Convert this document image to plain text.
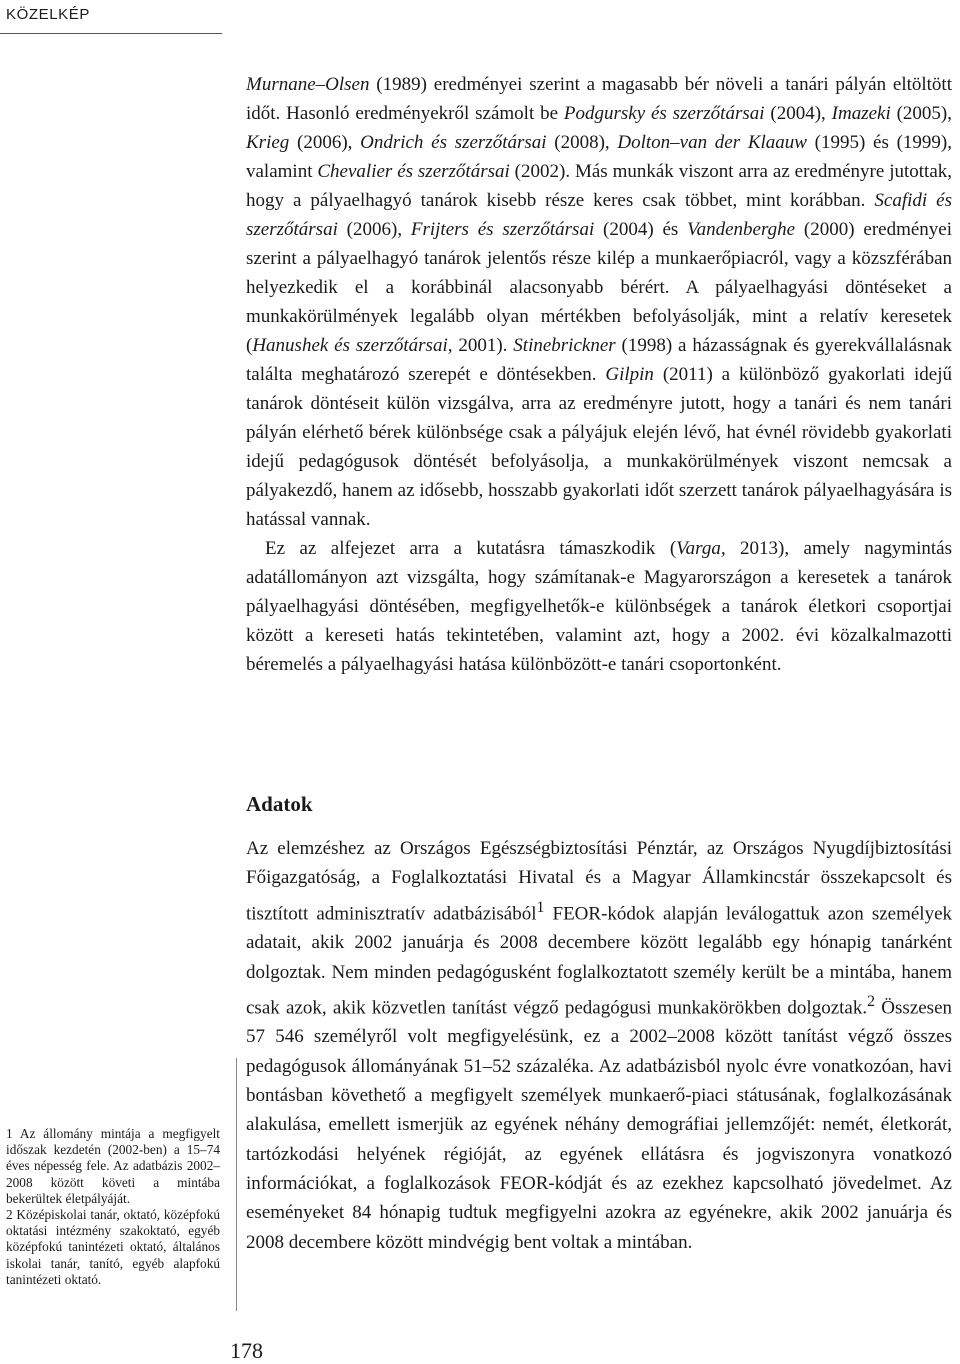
KÖZELKÉP

Murnane–Olsen (1989) eredményei szerint a magasabb bér növeli a tanári pályán eltöltött időt. Hasonló eredményekről számolt be Podgursky és szerzőtársai (2004), Imazeki (2005), Krieg (2006), Ondrich és szerzőtársai (2008), Dolton–van der Klaauw (1995) és (1999), valamint Chevalier és szerzőtársai (2002). Más munkák viszont arra az eredményre jutottak, hogy a pályaelhagyó tanárok kisebb része keres csak többet, mint korábban. Scafidi és szerzőtársai (2006), Frijters és szerzőtársai (2004) és Vandenberghe (2000) eredményei szerint a pályaelhagyó tanárok jelentős része kilép a munkaerőpiacról, vagy a közszférában helyezkedik el a korábbinál alacsonyabb bérért. A pályaelhagyási döntéseket a munkakörülmények legalább olyan mértékben befolyásolják, mint a relatív keresetek (Hanushek és szerzőtársai, 2001). Stinebrickner (1998) a házasságnak és gyerekvállalásnak találta meghatározó szerepét e döntésekben. Gilpin (2011) a különböző gyakorlati idejű tanárok döntéseit külön vizsgálva, arra az eredményre jutott, hogy a tanári és nem tanári pályán elérhető bérek különbsége csak a pályájuk elején lévő, hat évnél rövidebb gyakorlati idejű pedagógusok döntését befolyásolja, a munkakörülmények viszont nemcsak a pályakezdő, hanem az idősebb, hosszabb gyakorlati időt szerzett tanárok pályaelhagyására is hatással vannak.

Ez az alfejezet arra a kutatásra támaszkodik (Varga, 2013), amely nagymintás adatállományon azt vizsgálta, hogy számítanak-e Magyarországon a keresetek a tanárok pályaelhagyási döntésében, megfigyelhetők-e különbségek a tanárok életkori csoportjai között a kereseti hatás tekintetében, valamint azt, hogy a 2002. évi közalkalmazotti béremelés a pályaelhagyási hatása különbözött-e tanári csoportonként.

Adatok

Az elemzéshez az Országos Egészségbiztosítási Pénztár, az Országos Nyugdíjbiztosítási Főigazgatóság, a Foglalkoztatási Hivatal és a Magyar Államkincstár összekapcsolt és tisztított adminisztratív adatbázisából$^1$ FEOR-kódok alapján leválogattuk azon személyek adatait, akik 2002 januárja és 2008 decembere között legalább egy hónapig tanárként dolgoztak. Nem minden pedagógusként foglalkoztatott személy került be a mintába, hanem csak azok, akik közvetlen tanítást végző pedagógusi munkakörökben dolgoztak.$^2$ Összesen 57 546 személyről volt megfigyelésünk, ez a 2002–2008 között tanítást végző összes pedagógusok állományának 51–52 százaléka. Az adatbázisból nyolc évre vonatkozóan, havi bontásban követhető a megfigyelt személyek munkaerő-piaci státusának, foglalkozásának alakulása, emellett ismerjük az egyének néhány demográfiai jellemzőjét: nemét, életkorát, tartózkodási helyének régióját, az egyének ellátásra és jogviszonyra vonatkozó információkat, a foglalkozások FEOR-kódját és az ezekhez kapcsolható jövedelmet. Az eseményeket 84 hónapig tudtuk megfigyelni azokra az egyénekre, akik 2002 januárja és 2008 decembere között mindvégig bent voltak a mintában.

1 Az állomány mintája a megfigyelt időszak kezdetén (2002-ben) a 15–74 éves népesség fele. Az adatbázis 2002–2008 között követi a mintába bekerültek életpályáját.

2 Középiskolai tanár, oktató, középfokú oktatási intézmény szakoktató, egyéb középfokú tanintézeti oktató, általános iskolai tanár, tanító, egyéb alapfokú tanintézeti oktató.

178
